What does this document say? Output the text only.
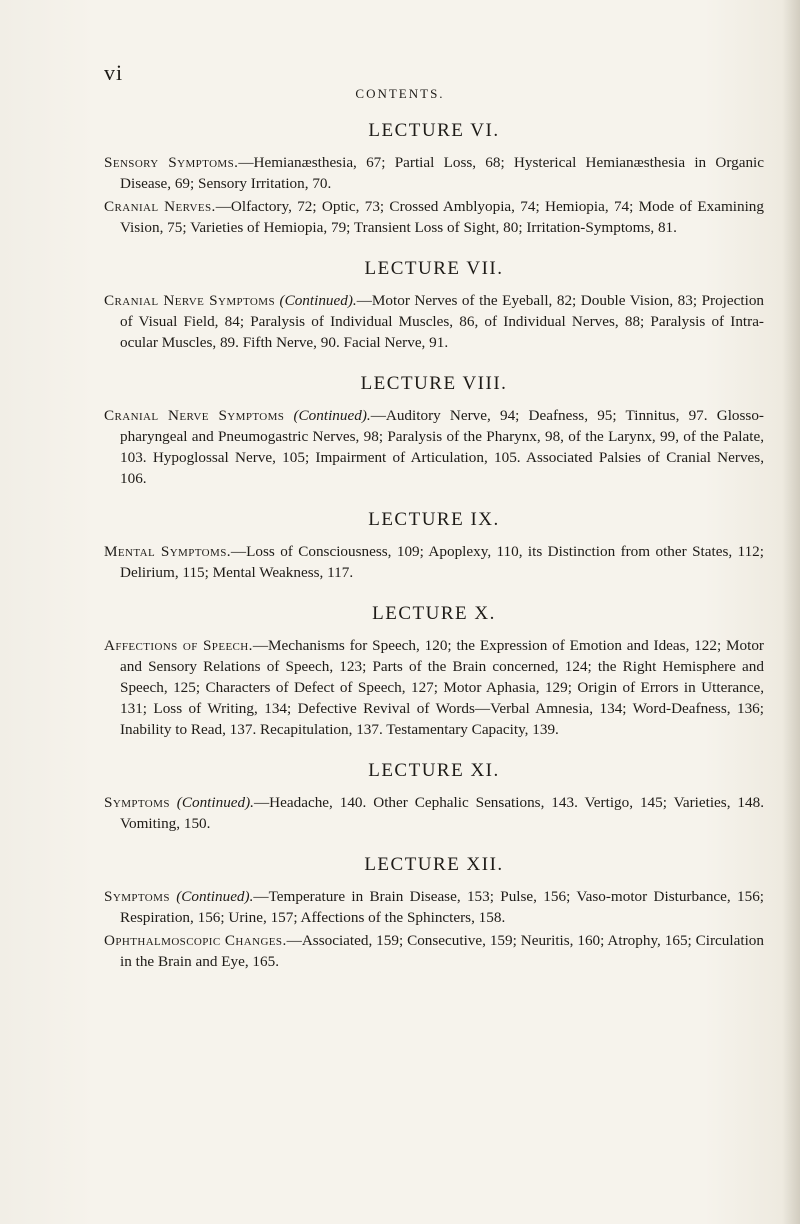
vi
CONTENTS.
LECTURE VI.

Sensory Symptoms.—Hemianæsthesia, 67; Partial Loss, 68; Hysterical Hemianæsthesia in Organic Disease, 69; Sensory Irritation, 70.

Cranial Nerves.—Olfactory, 72; Optic, 73; Crossed Amblyopia, 74; Hemiopia, 74; Mode of Examining Vision, 75; Varieties of Hemiopia, 79; Transient Loss of Sight, 80; Irritation-Symptoms, 81.

LECTURE VII.

Cranial Nerve Symptoms (Continued).—Motor Nerves of the Eyeball, 82; Double Vision, 83; Projection of Visual Field, 84; Paralysis of Individual Muscles, 86, of Individual Nerves, 88; Paralysis of Intra-ocular Muscles, 89. Fifth Nerve, 90. Facial Nerve, 91.

LECTURE VIII.

Cranial Nerve Symptoms (Continued).—Auditory Nerve, 94; Deafness, 95; Tinnitus, 97. Glosso-pharyngeal and Pneumogastric Nerves, 98; Paralysis of the Pharynx, 98, of the Larynx, 99, of the Palate, 103. Hypoglossal Nerve, 105; Impairment of Articulation, 105. Associated Palsies of Cranial Nerves, 106.

LECTURE IX.

Mental Symptoms.—Loss of Consciousness, 109; Apoplexy, 110, its Distinction from other States, 112; Delirium, 115; Mental Weakness, 117.

LECTURE X.

Affections of Speech.—Mechanisms for Speech, 120; the Expression of Emotion and Ideas, 122; Motor and Sensory Relations of Speech, 123; Parts of the Brain concerned, 124; the Right Hemisphere and Speech, 125; Characters of Defect of Speech, 127; Motor Aphasia, 129; Origin of Errors in Utterance, 131; Loss of Writing, 134; Defective Revival of Words—Verbal Amnesia, 134; Word-Deafness, 136; Inability to Read, 137. Recapitulation, 137. Testamentary Capacity, 139.

LECTURE XI.

Symptoms (Continued).—Headache, 140. Other Cephalic Sensations, 143. Vertigo, 145; Varieties, 148. Vomiting, 150.

LECTURE XII.

Symptoms (Continued).—Temperature in Brain Disease, 153; Pulse, 156; Vaso-motor Disturbance, 156; Respiration, 156; Urine, 157; Affections of the Sphincters, 158.

Ophthalmoscopic Changes.—Associated, 159; Consecutive, 159; Neuritis, 160; Atrophy, 165; Circulation in the Brain and Eye, 165.
